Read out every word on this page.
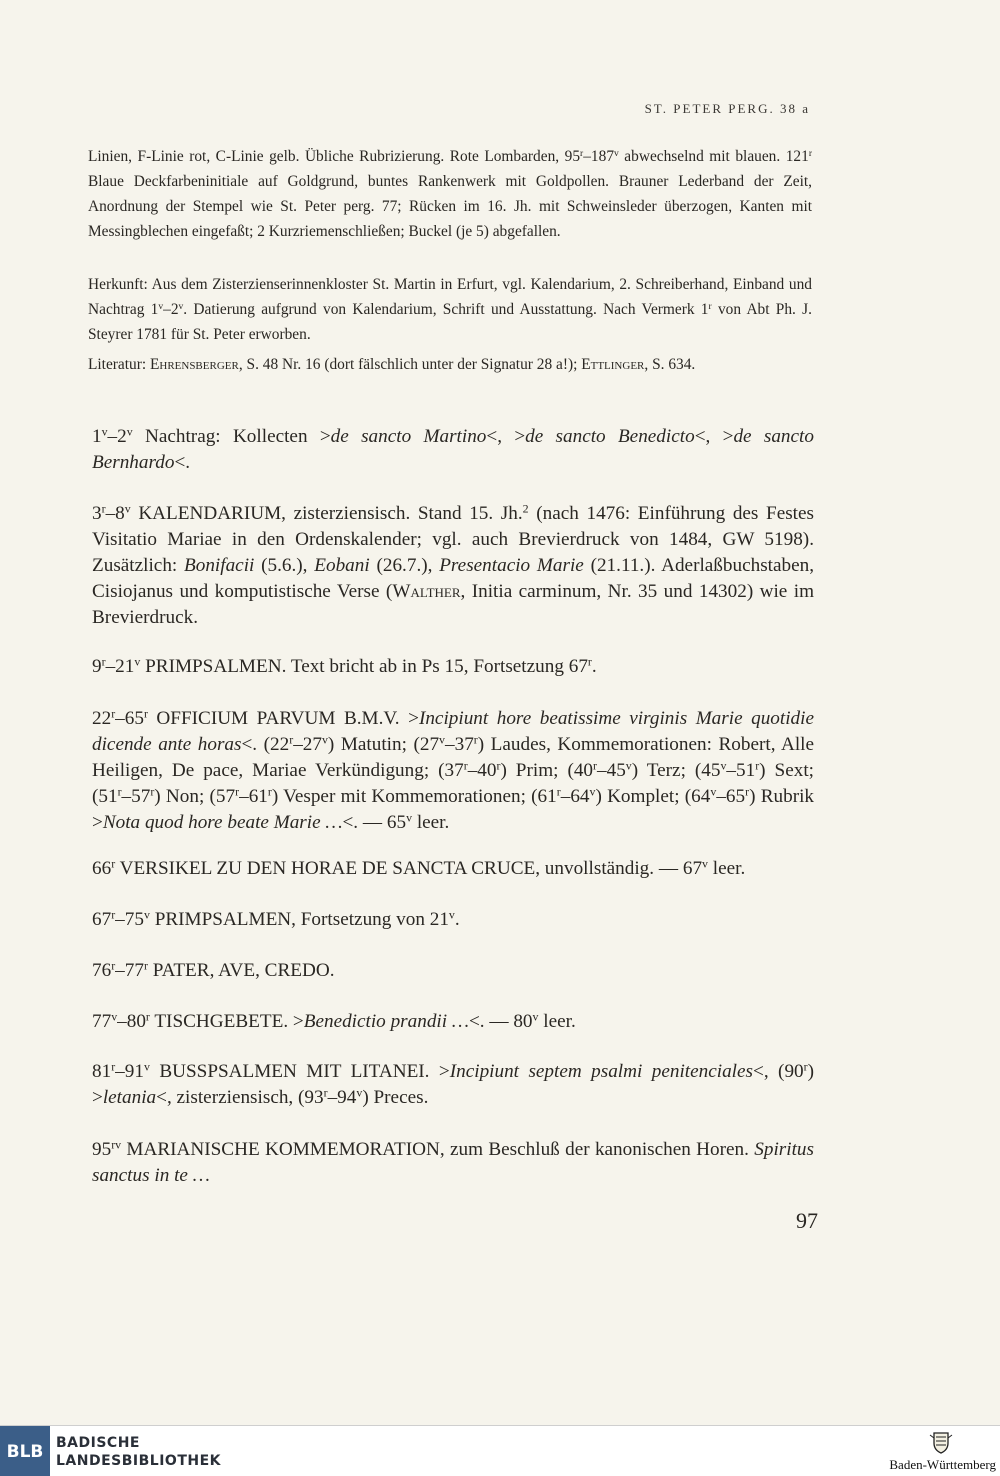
ST. PETER PERG. 38 a
Linien, F-Linie rot, C-Linie gelb. Übliche Rubrizierung. Rote Lombarden, 95$^r$–187$^v$ abwechselnd mit blauen. 121$^r$ Blaue Deckfarbeninitiale auf Goldgrund, buntes Rankenwerk mit Goldpollen. Brauner Lederband der Zeit, Anordnung der Stempel wie St. Peter perg. 77; Rücken im 16. Jh. mit Schweinsleder überzogen, Kanten mit Messingblechen eingefaßt; 2 Kurzriemenschließen; Buckel (je 5) abgefallen.
Herkunft: Aus dem Zisterzienserinnenkloster St. Martin in Erfurt, vgl. Kalendarium, 2. Schreiberhand, Einband und Nachtrag 1$^v$–2$^v$. Datierung aufgrund von Kalendarium, Schrift und Ausstattung. Nach Vermerk 1$^r$ von Abt Ph. J. Steyrer 1781 für St. Peter erworben.
Literatur: Ehrensberger, S. 48 Nr. 16 (dort fälschlich unter der Signatur 28 a!); Ettlinger, S. 634.
1$^v$–2$^v$ Nachtrag: Kollecten >de sancto Martino<, >de sancto Benedicto<, >de sancto Bernhardo<.
3$^r$–8$^v$ KALENDARIUM, zisterziensisch. Stand 15. Jh.$^2$ (nach 1476: Einführung des Festes Visitatio Mariae in den Ordenskalender; vgl. auch Brevierdruck von 1484, GW 5198). Zusätzlich: Bonifacii (5.6.), Eobani (26.7.), Presentacio Marie (21.11.). Aderlaßbuchstaben, Cisiojanus und komputistische Verse (Walther, Initia carminum, Nr. 35 und 14302) wie im Brevierdruck.
9$^r$–21$^v$ PRIMPSALMEN. Text bricht ab in Ps 15, Fortsetzung 67$^r$.
22$^r$–65$^r$ OFFICIUM PARVUM B.M.V. >Incipiunt hore beatissime virginis Marie quotidie dicende ante horas<. (22$^r$–27$^v$) Matutin; (27$^v$–37$^r$) Laudes, Kommemorationen: Robert, Alle Heiligen, De pace, Mariae Verkündigung; (37$^r$–40$^r$) Prim; (40$^r$–45$^v$) Terz; (45$^v$–51$^r$) Sext; (51$^r$–57$^r$) Non; (57$^r$–61$^r$) Vesper mit Kommemorationen; (61$^r$–64$^v$) Komplet; (64$^v$–65$^r$) Rubrik >Nota quod hore beate Marie …<. — 65$^v$ leer.
66$^r$ VERSIKEL ZU DEN HORAE DE SANCTA CRUCE, unvollständig. — 67$^v$ leer.
67$^r$–75$^v$ PRIMPSALMEN, Fortsetzung von 21$^v$.
76$^r$–77$^r$ PATER, AVE, CREDO.
77$^v$–80$^r$ TISCHGEBETE. >Benedictio prandii …<. — 80$^v$ leer.
81$^r$–91$^v$ BUSSPSALMEN MIT LITANEI. >Incipiunt septem psalmi penitenciales<, $(90^r)$ >letania<, zisterziensisch, (93$^r$–94$^v$) Preces.
$95^{rv}$ MARIANISCHE KOMMEMORATION, zum Beschluß der kanonischen Horen. Spiritus sanctus in te …
97
BLB BADISCHE
LANDESBIBLIOTHEK	Baden-Württemberg
